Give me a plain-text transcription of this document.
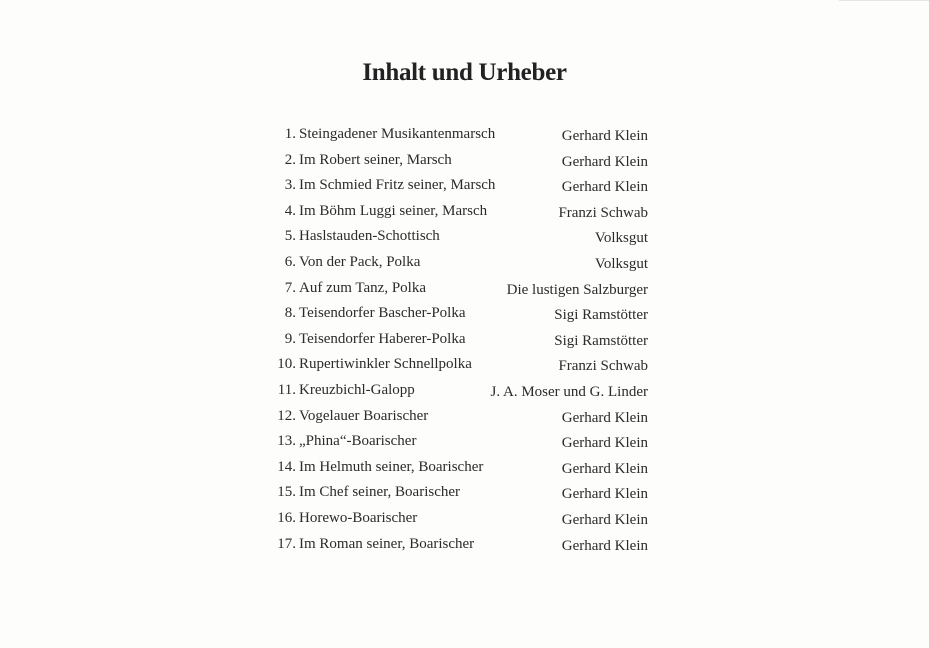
Inhalt und Urheber
1. Steingadener Musikantenmarsch	Gerhard Klein
2. Im Robert seiner, Marsch	Gerhard Klein
3. Im Schmied Fritz seiner, Marsch	Gerhard Klein
4. Im Böhm Luggi seiner, Marsch	Franzi Schwab
5. Haslstauden-Schottisch	Volksgut
6. Von der Pack, Polka	Volksgut
7. Auf zum Tanz, Polka	Die lustigen Salzburger
8. Teisendorfer Bascher-Polka	Sigi Ramstötter
9. Teisendorfer Haberer-Polka	Sigi Ramstötter
10. Rupertiwinkler Schnellpolka	Franzi Schwab
11. Kreuzbichl-Galopp	J. A. Moser und G. Linder
12. Vogelauer Boarischer	Gerhard Klein
13. „Phina“-Boarischer	Gerhard Klein
14. Im Helmuth seiner, Boarischer	Gerhard Klein
15. Im Chef seiner, Boarischer	Gerhard Klein
16. Horewo-Boarischer	Gerhard Klein
17. Im Roman seiner, Boarischer	Gerhard Klein
